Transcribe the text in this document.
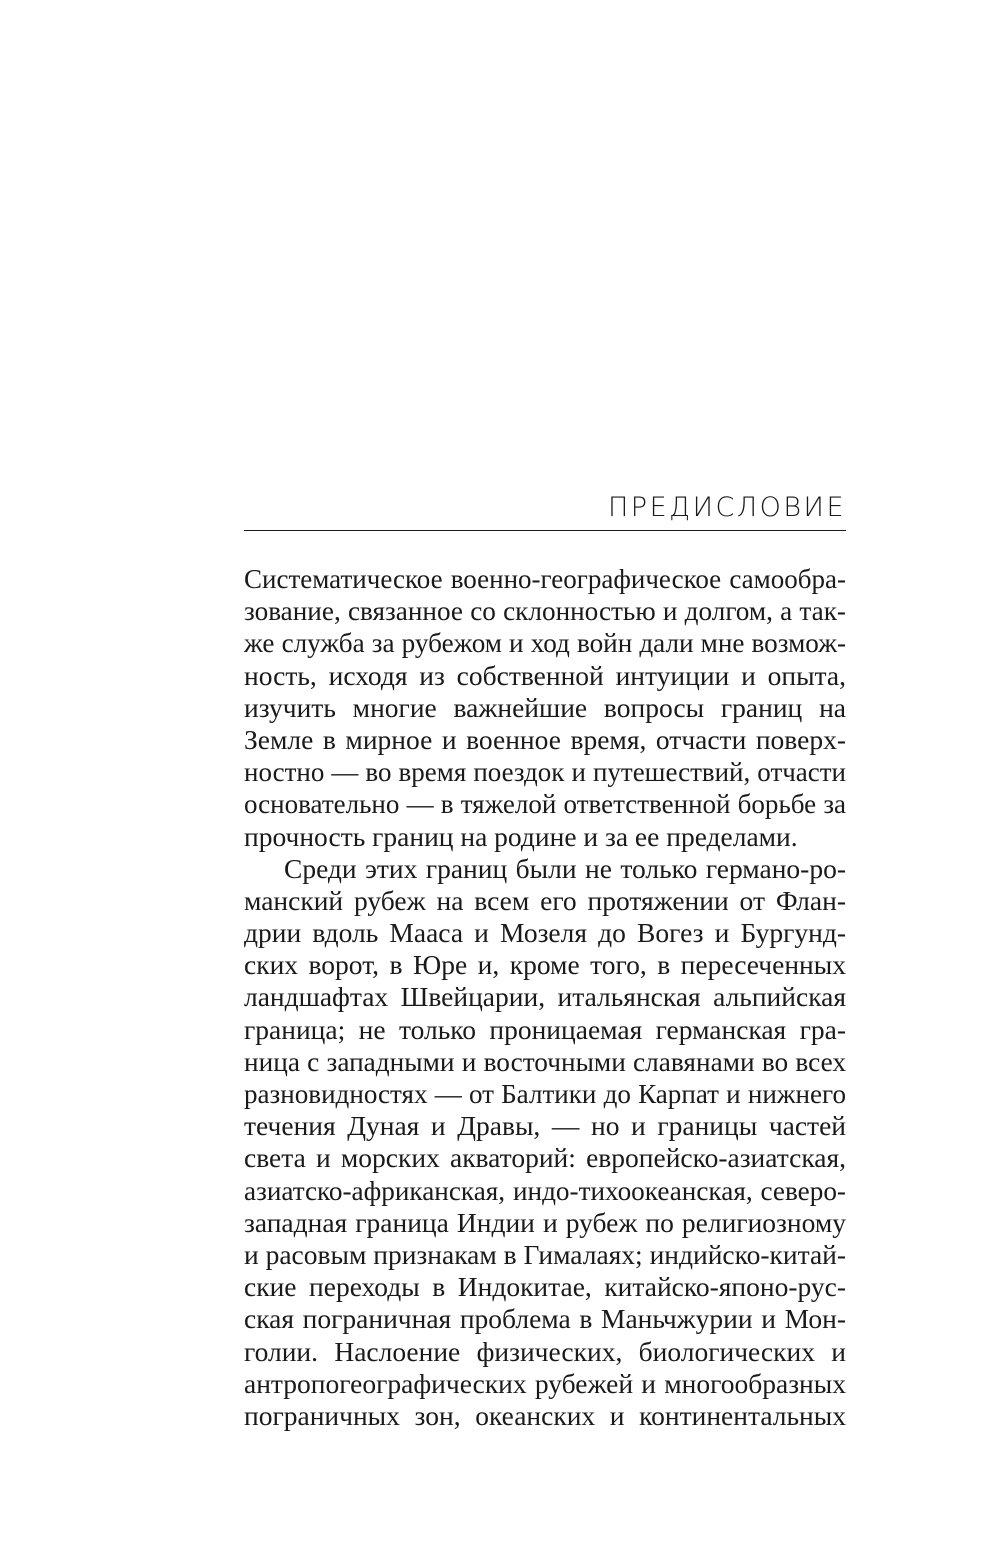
ПРЕДИСЛОВИЕ
Систематическое военно-географическое самообра-
зование, связанное со склонностью и долгом, а так-
же служба за рубежом и ход войн дали мне возмож-
ность, исходя из собственной интуиции и опыта,
изучить многие важнейшие вопросы границ на
Земле в мирное и военное время, отчасти поверх-
ностно — во время поездок и путешествий, отчасти
основательно — в тяжелой ответственной борьбе за
прочность границ на родине и за ее пределами.
Среди этих границ были не только германо-ро-
манский рубеж на всем его протяжении от Флан-
дрии вдоль Мааса и Мозеля до Вогез и Бургунд-
ских ворот, в Юре и, кроме того, в пересеченных
ландшафтах Швейцарии, итальянская альпийская
граница; не только проницаемая германская гра-
ница с западными и восточными славянами во всех
разновидностях — от Балтики до Карпат и нижнего
течения Дуная и Дравы, — но и границы частей
света и морских акваторий: европейско-азиатская,
азиатско-африканская, индо-тихоокеанская, северо-
западная граница Индии и рубеж по религиозному
и расовым признакам в Гималаях; индийско-китай-
ские переходы в Индокитае, китайско-японо-рус-
ская пограничная проблема в Маньчжурии и Мон-
голии. Наслоение физических, биологических и
антропогеографических рубежей и многообразных
пограничных зон, океанских и континентальных
